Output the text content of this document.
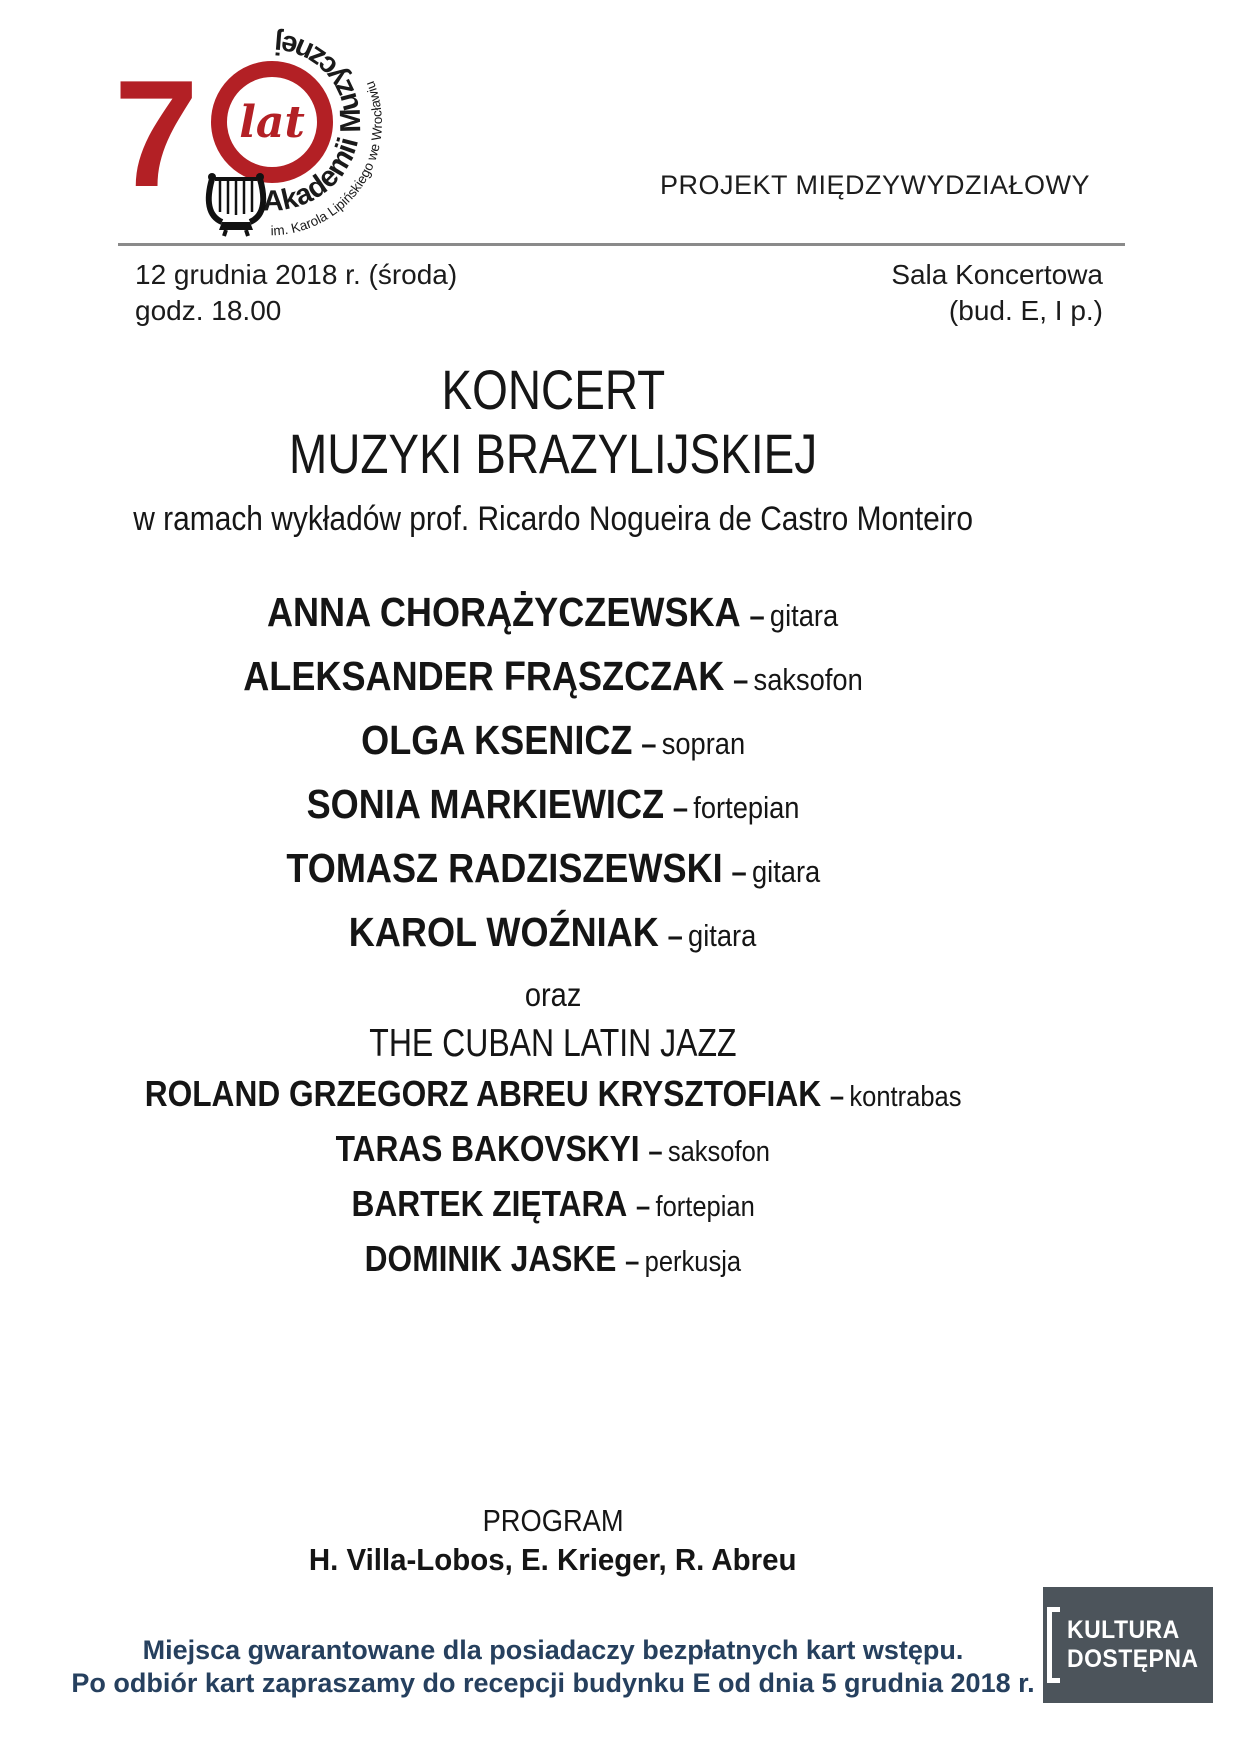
7 lat
Akademii Muzycznej
im. Karola Lipińskiego we Wrocławiu
PROJEKT MIĘDZYWYDZIAŁOWY
12 grudnia 2018 r. (środa)	Sala Koncertowa
godz. 18.00	(bud. E, I p.)
KONCERT
MUZYKI BRAZYLIJSKIEJ
w ramach wykładów prof. Ricardo Nogueira de Castro Monteiro
ANNA CHORĄŻYCZEWSKA – gitara
ALEKSANDER FRĄSZCZAK – saksofon
OLGA KSENICZ – sopran
SONIA MARKIEWICZ – fortepian
TOMASZ RADZISZEWSKI – gitara
KAROL WOŹNIAK – gitara
oraz
THE CUBAN LATIN JAZZ
ROLAND GRZEGORZ ABREU KRYSZTOFIAK – kontrabas
TARAS BAKOVSKYI – saksofon
BARTEK ZIĘTARA – fortepian
DOMINIK JASKE – perkusja
PROGRAM
H. Villa-Lobos, E. Krieger, R. Abreu
Miejsca gwarantowane dla posiadaczy bezpłatnych kart wstępu.
Po odbiór kart zapraszamy do recepcji budynku E od dnia 5 grudnia 2018 r.
KULTURA
DOSTĘPNA
